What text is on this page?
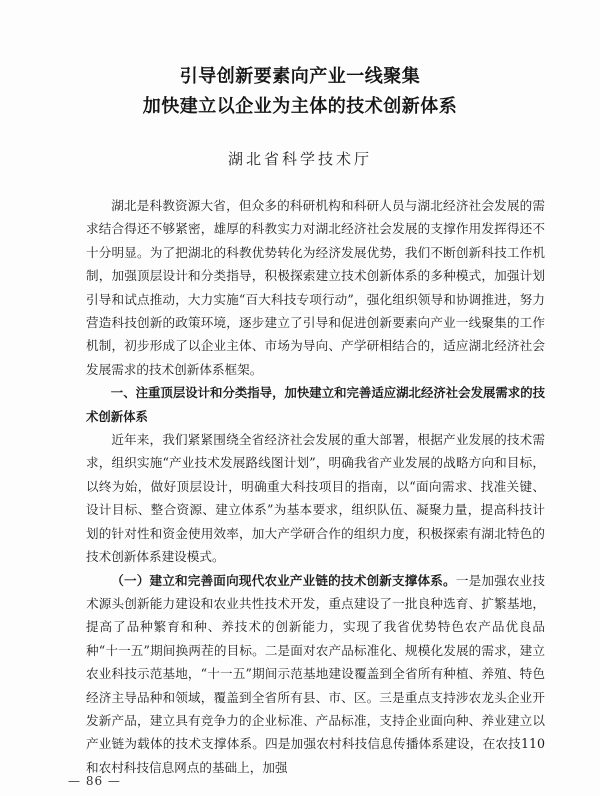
引导创新要素向产业一线聚集
加快建立以企业为主体的技术创新体系
湖北省科学技术厅

湖北是科教资源大省，但众多的科研机构和科研人员与湖北经济社会发展的需求结合得还不够紧密，雄厚的科教实力对湖北经济社会发展的支撑作用发挥得还不十分明显。为了把湖北的科教优势转化为经济发展优势，我们不断创新科技工作机制，加强顶层设计和分类指导，积极探索建立技术创新体系的多种模式，加强计划引导和试点推动，大力实施“百大科技专项行动”，强化组织领导和协调推进，努力营造科技创新的政策环境，逐步建立了引导和促进创新要素向产业一线聚集的工作机制，初步形成了以企业主体、市场为导向、产学研相结合的，适应湖北经济社会发展需求的技术创新体系框架。

一、注重顶层设计和分类指导，加快建立和完善适应湖北经济社会发展需求的技术创新体系

近年来，我们紧紧围绕全省经济社会发展的重大部署，根据产业发展的技术需求，组织实施“产业技术发展路线图计划”，明确我省产业发展的战略方向和目标，以终为始，做好顶层设计，明确重大科技项目的指南，以“面向需求、找准关键、设计目标、整合资源、建立体系”为基本要求，组织队伍、凝聚力量，提高科技计划的针对性和资金使用效率，加大产学研合作的组织力度，积极探索有湖北特色的技术创新体系建设模式。

（一）建立和完善面向现代农业产业链的技术创新支撑体系。一是加强农业技术源头创新能力建设和农业共性技术开发，重点建设了一批良种选育、扩繁基地，提高了品种繁育和种、养技术的创新能力，实现了我省优势特色农产品优良品种“十一五”期间换两茬的目标。二是面对农产品标准化、规模化发展的需求，建立农业科技示范基地，“十一五”期间示范基地建设覆盖到全省所有种植、养殖、特色经济主导品种和领域，覆盖到全省所有县、市、区。三是重点支持涉农龙头企业开发新产品，建立具有竞争力的企业标准、产品标准，支持企业面向种、养业建立以产业链为载体的技术支撑体系。四是加强农村科技信息传播体系建设，在农技110和农村科技信息网点的基础上，加强

— 86 —
